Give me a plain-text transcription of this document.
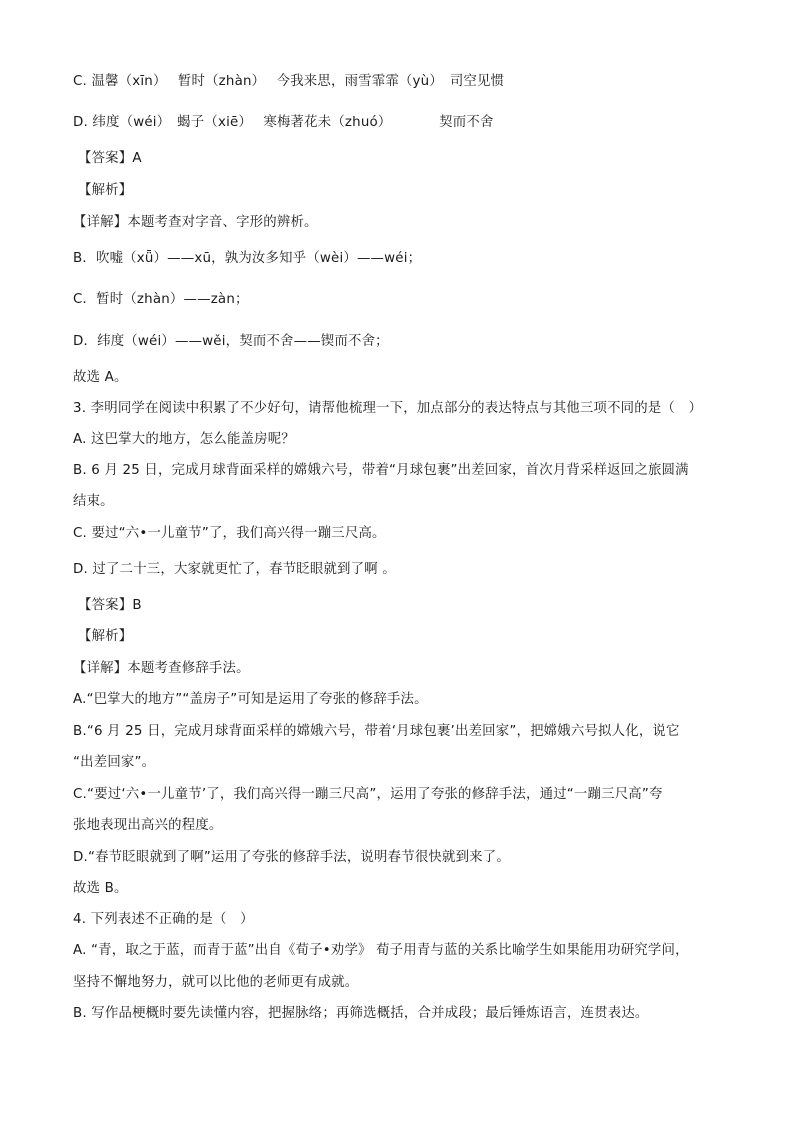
C. 温馨（xīn）　 暂时（zhàn）　 今我来思，雨雪霏霏（yù）　司空见惯
D. 纬度（wéi）　蝎子（xiē）　 寒梅著花未（zhuó）　　　　契而不舍
【答案】A
【解析】
【详解】本题考查对字音、字形的辨析。
B．吹嘘（xǖ）——xū，孰为汝多知乎（wèi）——wéi；
C．暂时（zhàn）——zàn；
D．纬度（wéi）——wěi，契而不舍——锲而不舍；
故选 A。
3. 李明同学在阅读中积累了不少好句，请帮他梳理一下，加点部分的表达特点与其他三项不同的是（　）
A. 这巴掌大的地方，怎么能盖房呢？
B. 6 月 25 日，完成月球背面采样的嫦娥六号，带着“月球包裹”出差回家，首次月背采样返回之旅圆满
结束。
C. 要过“六•一儿童节”了，我们高兴得一蹦三尺高。
D. 过了二十三，大家就更忙了，春节眨眼就到了啊 。
【答案】B
【解析】
【详解】本题考查修辞手法。
A.“巴掌大的地方”“盖房子”可知是运用了夸张的修辞手法。
B.“6 月 25 日，完成月球背面采样的嫦娥六号，带着‘月球包裹’出差回家”，把嫦娥六号拟人化，说它
“出差回家”。
C.“要过‘六•一儿童节’了，我们高兴得一蹦三尺高”，运用了夸张的修辞手法，通过“一蹦三尺高”夸
张地表现出高兴的程度。
D.“春节眨眼就到了啊”运用了夸张的修辞手法，说明春节很快就到来了。
故选 B。
4. 下列表述不正确的是（　）
A. “青，取之于蓝，而青于蓝”出自《荀子•劝学》 荀子用青与蓝的关系比喻学生如果能用功研究学问，
坚持不懈地努力，就可以比他的老师更有成就。
B. 写作品梗概时要先读懂内容，把握脉络；再筛选概括，合并成段；最后锤炼语言，连贯表达。
